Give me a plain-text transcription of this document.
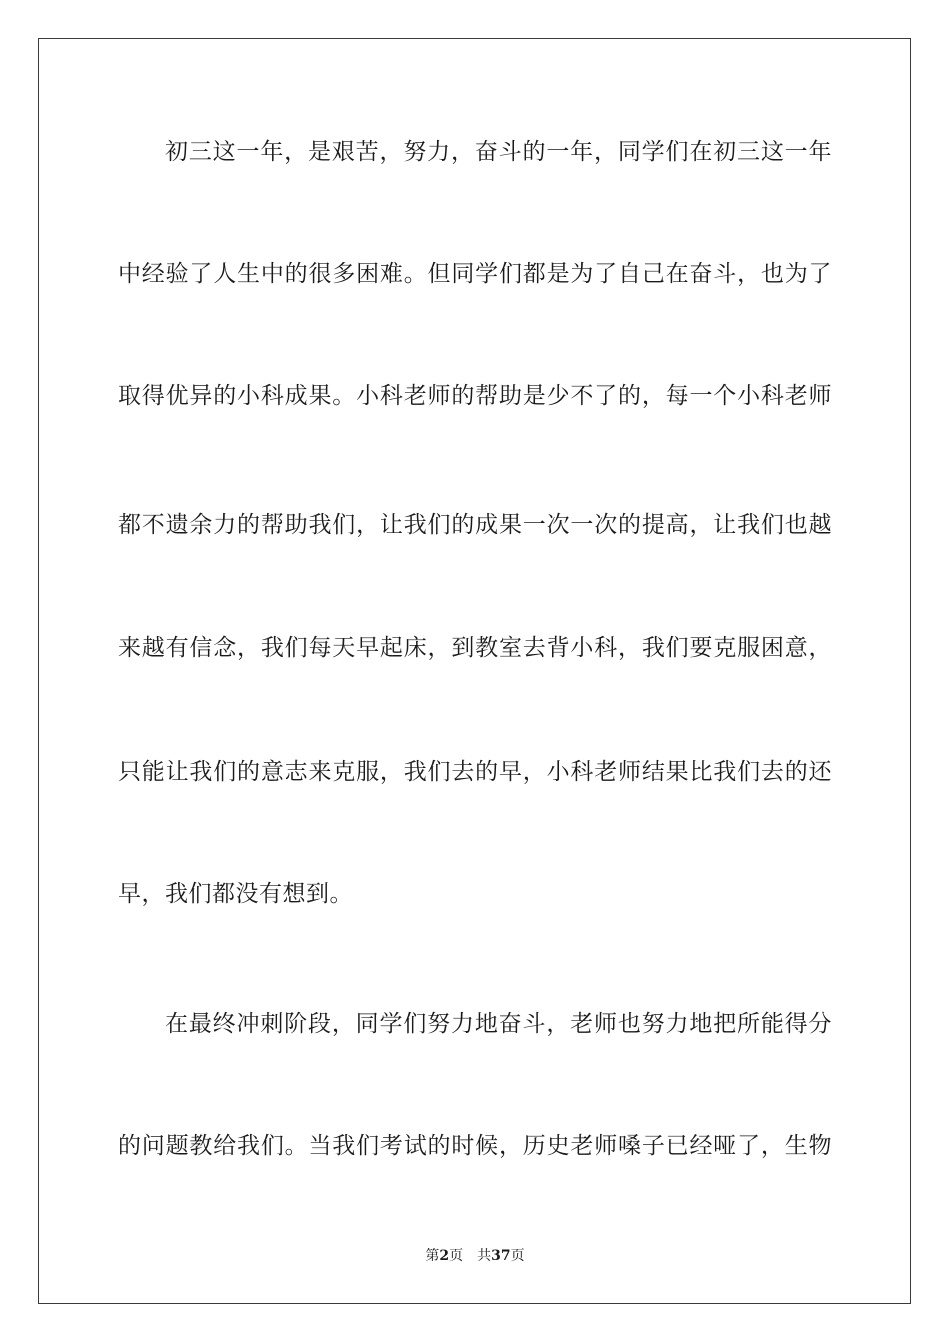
初三这一年，是艰苦，努力，奋斗的一年，同学们在初三这一年
中经验了人生中的很多困难。但同学们都是为了自己在奋斗，也为了
取得优异的小科成果。小科老师的帮助是少不了的，每一个小科老师
都不遗余力的帮助我们，让我们的成果一次一次的提高，让我们也越
来越有信念，我们每天早起床，到教室去背小科，我们要克服困意，
只能让我们的意志来克服，我们去的早，小科老师结果比我们去的还
早，我们都没有想到。
在最终冲刺阶段，同学们努力地奋斗，老师也努力地把所能得分
的问题教给我们。当我们考试的时候，历史老师嗓子已经哑了，生物
第2页 共37页
